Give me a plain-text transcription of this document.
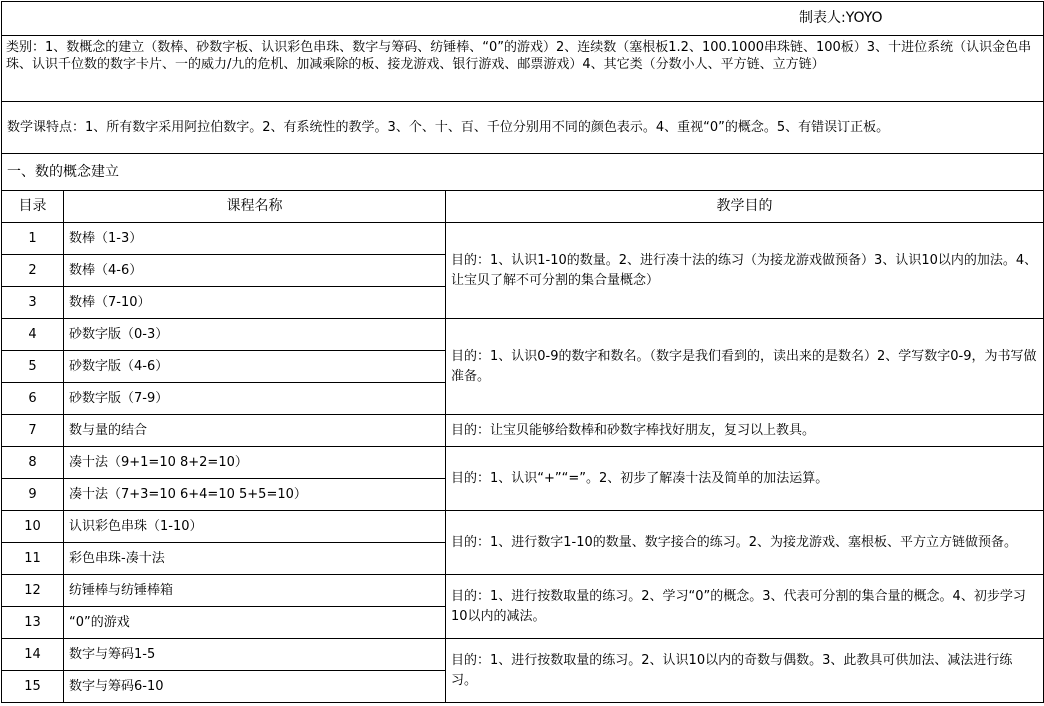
制表人:YOYO		
类别：1、数概念的建立（数棒、砂数字板、认识彩色串珠、数字与筹码、纺锤棒、“0”的游戏）2、连续数（塞根板1.2、100.1000串珠链、100板）3、十进位系统（认识金色串珠、认识千位数的数字卡片、一的威力/九的危机、加减乘除的板、接龙游戏、银行游戏、邮票游戏）4、其它类（分数小人、平方链、立方链）		
数学课特点：1、所有数字采用阿拉伯数字。2、有系统性的教学。3、个、十、百、千位分别用不同的颜色表示。4、重视“0”的概念。5、有错误订正板。		
一、数的概念建立		
目录	课程名称	教学目的
1	数棒（1-3）	目的：1、认识1-10的数量。2、进行凑十法的练习（为接龙游戏做预备）3、认识10以内的加法。4、让宝贝了解不可分割的集合量概念）
2	数棒（4-6）	
3	数棒（7-10）	
4	砂数字版（0-3）	目的：1、认识0-9的数字和数名。（数字是我们看到的，读出来的是数名）2、学写数字0-9，为书写做准备。
5	砂数字版（4-6）	
6	砂数字版（7-9）	
7	数与量的结合	目的：让宝贝能够给数棒和砂数字棒找好朋友，复习以上教具。
8	凑十法（9+1=10 8+2=10）	目的：1、认识“+”“=”。2、初步了解凑十法及简单的加法运算。
9	凑十法（7+3=10 6+4=10 5+5=10）	
10	认识彩色串珠（1-10）	目的：1、进行数字1-10的数量、数字接合的练习。2、为接龙游戏、塞根板、平方立方链做预备。
11	彩色串珠-凑十法	
12	纺锤棒与纺锤棒箱	目的：1、进行按数取量的练习。2、学习“0”的概念。3、代表可分割的集合量的概念。4、初步学习10以内的减法。
13	“0”的游戏	
14	数字与筹码1-5	目的：1、进行按数取量的练习。2、认识10以内的奇数与偶数。3、此教具可供加法、减法进行练习。
15	数字与筹码6-10	
